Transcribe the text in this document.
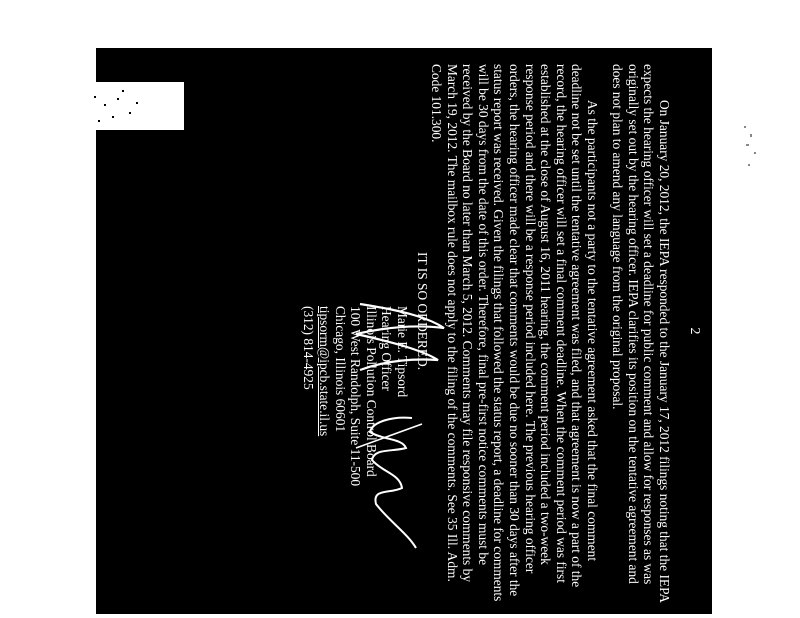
2

On January 20, 2012, the IEPA responded to the January 17, 2012 filings noting that the IEPA expects the hearing officer will set a deadline for public comment and allow for responses as was originally set out by the hearing officer. IEPA clarifies its position on the tentative agreement and does not plan to amend any language from the original proposal.

As the participants not a party to the tentative agreement asked that the final comment deadline not be set until the tentative agreement was filed, and that agreement is now a part of the record, the hearing officer will set a final comment deadline. When the comment period was first established at the close of August 16, 2011 hearing, the comment period included a two-week response period and there will be a response period included here. The previous hearing officer orders, the hearing officer made clear that comments would be due no sooner than 30 days after the status report was received. Given the filings that followed the status report, a deadline for comments will be 30 days from the date of this order. Therefore, final pre-first notice comments must be received by the Board no later than March 5, 2012. Comments may file responsive comments by March 19, 2012. The mailbox rule does not apply to the filing of the comments. See 35 Ill. Adm. Code 101.300.

IT IS SO ORDERED.
Marie E. Tipsord
Hearing Officer
Illinois Pollution Control Board
100 West Randolph, Suite 11-500
Chicago, Illinois 60601
tipsorm@ipcb.state.il.us
(312) 814-4925
